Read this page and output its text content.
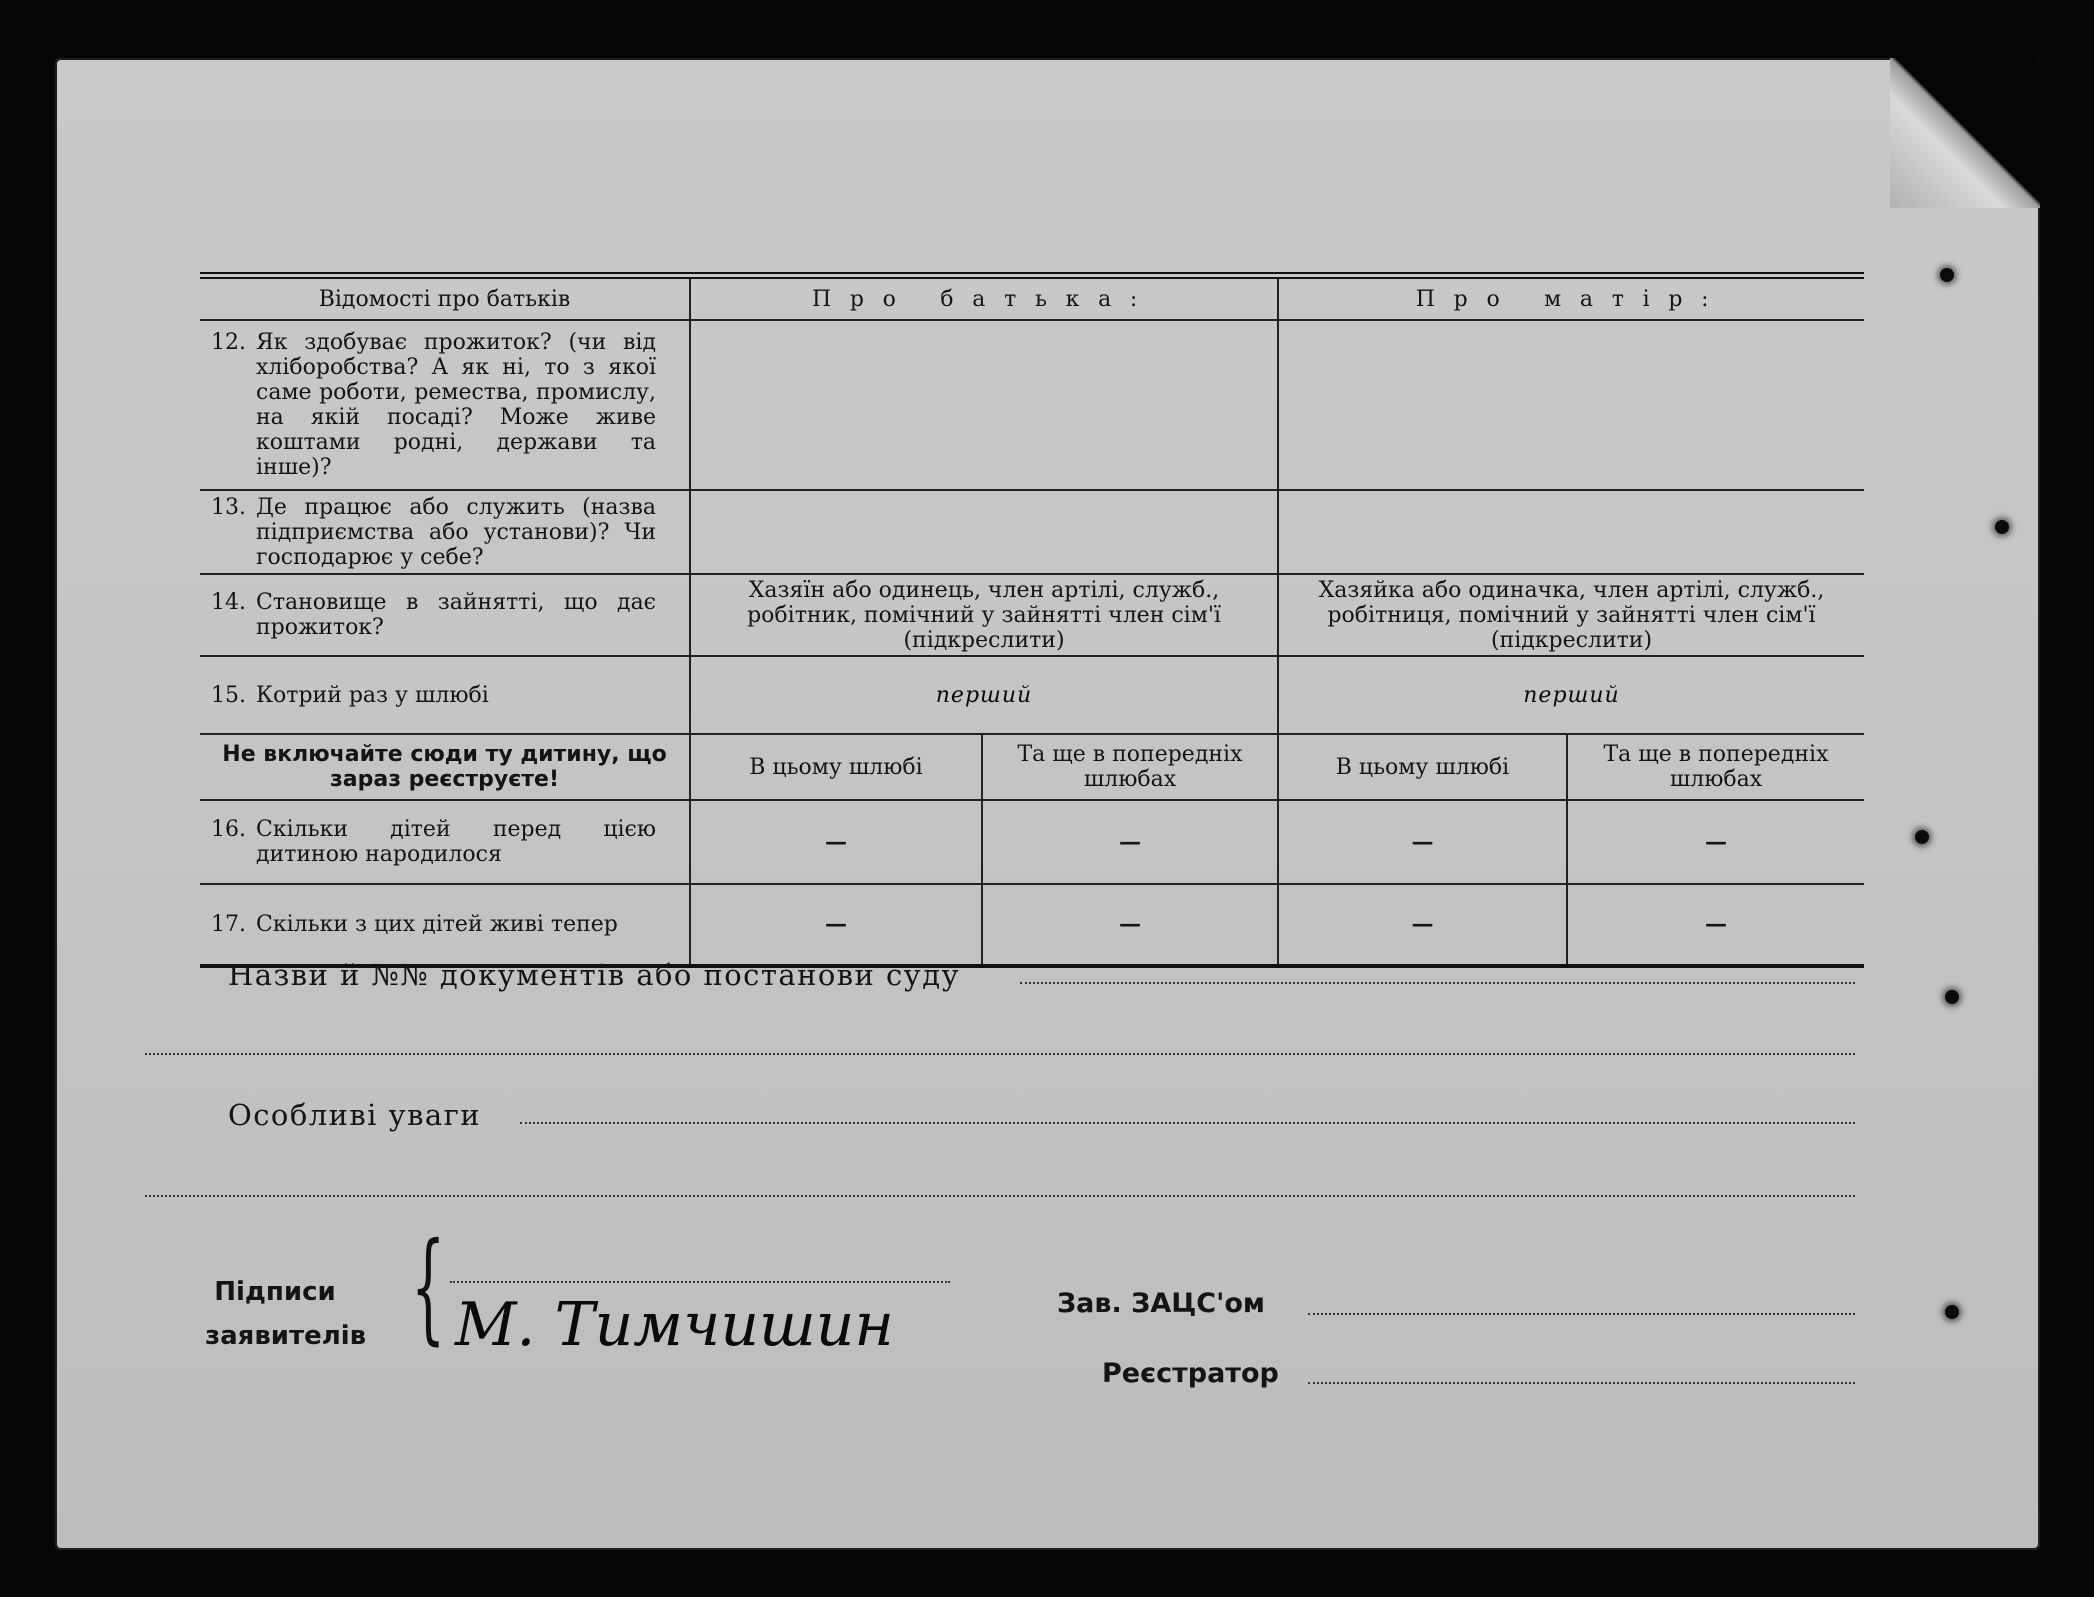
Відомості про батьків	Про батька:		Про матір:	
12. Як здобуває прожиток? (чи від хліборобства? А як ні, то з якої саме роботи, ремества, промислу, на якій посаді? Може живе коштами родні, держави та інше)?				
13. Де працює або служить (назва підприємства або установи)? Чи господарює у себе?				
14. Становище в зайнятті, що дає прожиток?	Хазяїн або одинець, член артілі, служб., робітник, помічний у зайнятті член сім'ї (підкреслити)		Хазяйка або одиначка, член артілі, служб., робітниця, помічний у зайнятті член сім'ї (підкреслити)	
15. Котрий раз у шлюбі	перший		перший	
Не включайте сюди ту дитину, що зараз реєструєте!	В цьому шлюбі	Та ще в попередніх шлюбах	В цьому шлюбі	Та ще в попередніх шлюбах
16. Скільки дітей перед цією дитиною народилося	—	—	—	—
17. Скільки з цих дітей живі тепер	—	—	—	—
Назви й №№ документів або постанови суду
Особливі уваги
Підписи заявителів { М. Тимчишин	Зав. ЗАЦС'ом
Реєстратор
